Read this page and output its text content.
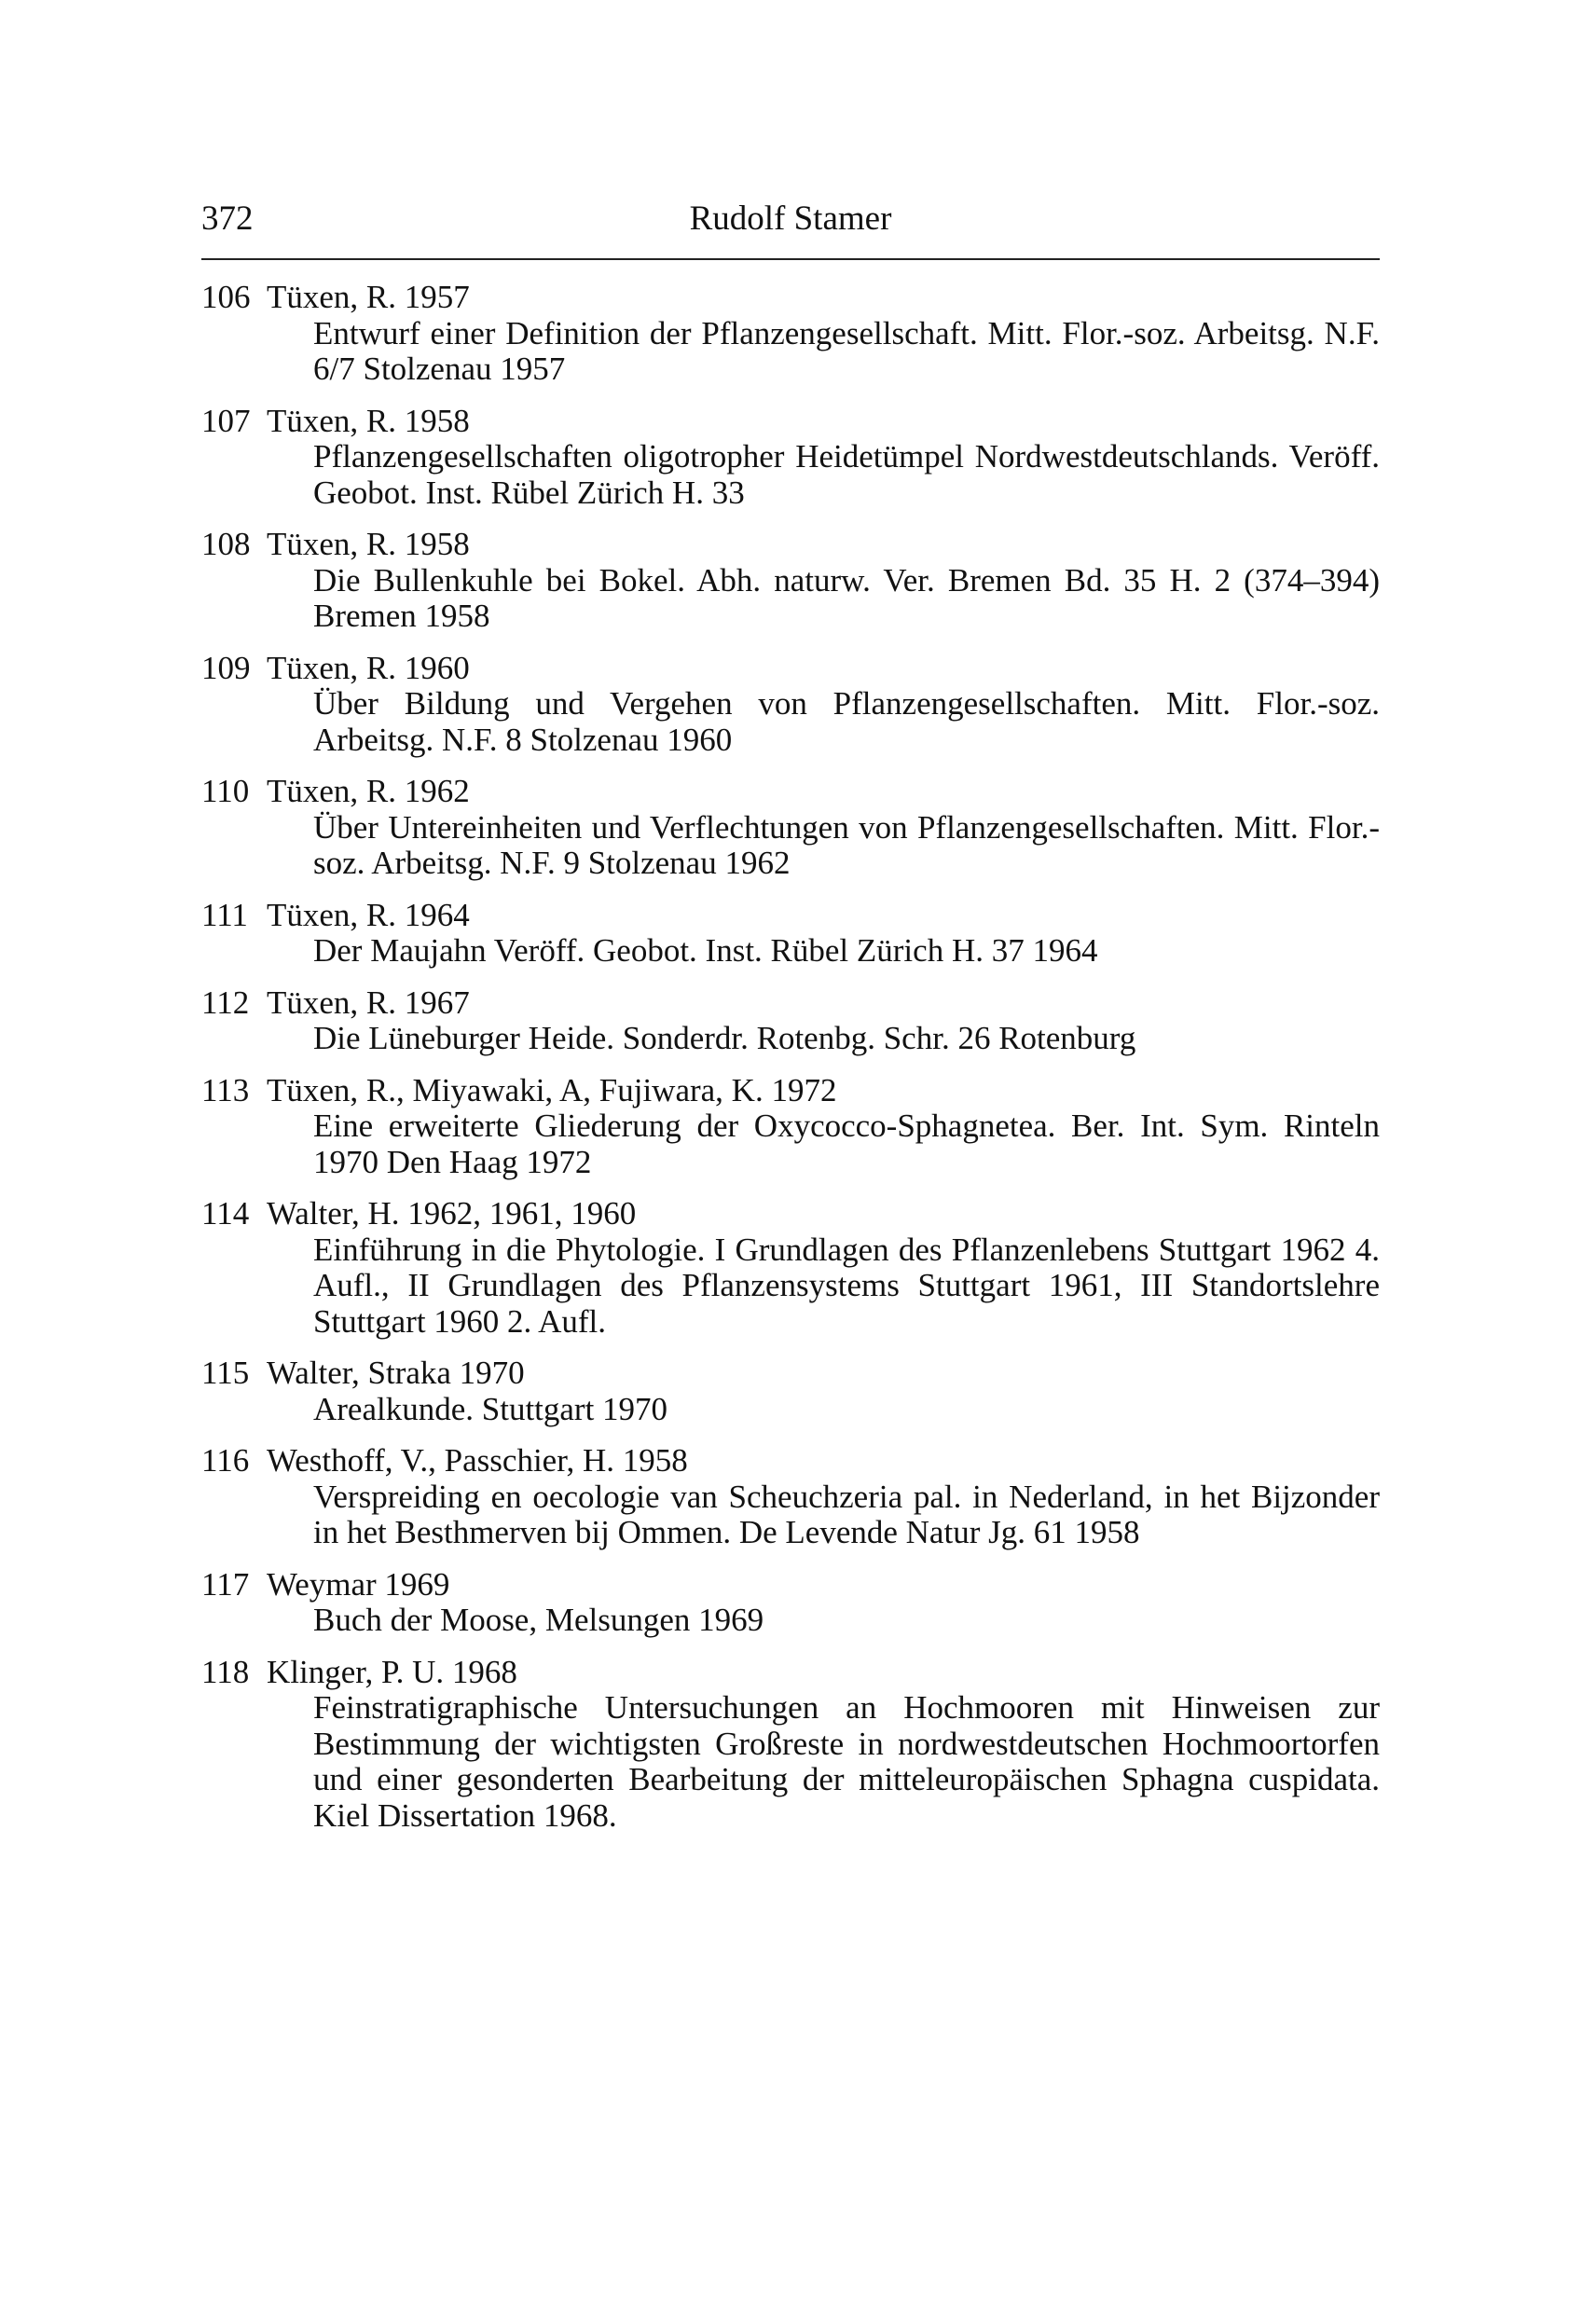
372	Rudolf Stamer
106 Tüxen, R. 1957
Entwurf einer Definition der Pflanzengesellschaft. Mitt. Flor.-soz. Arbeitsg. N.F. 6/7 Stolzenau 1957
107 Tüxen, R. 1958
Pflanzengesellschaften oligotropher Heidetümpel Nordwestdeutschlands. Veröff. Geobot. Inst. Rübel Zürich H. 33
108 Tüxen, R. 1958
Die Bullenkuhle bei Bokel. Abh. naturw. Ver. Bremen Bd. 35 H. 2 (374–394) Bremen 1958
109 Tüxen, R. 1960
Über Bildung und Vergehen von Pflanzengesellschaften. Mitt. Flor.-soz. Arbeitsg. N.F. 8 Stolzenau 1960
110 Tüxen, R. 1962
Über Untereinheiten und Verflechtungen von Pflanzengesellschaften. Mitt. Flor.-soz. Arbeitsg. N.F. 9 Stolzenau 1962
111 Tüxen, R. 1964
Der Maujahn Veröff. Geobot. Inst. Rübel Zürich H. 37 1964
112 Tüxen, R. 1967
Die Lüneburger Heide. Sonderdr. Rotenbg. Schr. 26 Rotenburg
113 Tüxen, R., Miyawaki, A, Fujiwara, K. 1972
Eine erweiterte Gliederung der Oxycocco-Sphagnetea. Ber. Int. Sym. Rinteln 1970 Den Haag 1972
114 Walter, H. 1962, 1961, 1960
Einführung in die Phytologie. I Grundlagen des Pflanzenlebens Stuttgart 1962 4. Aufl., II Grundlagen des Pflanzensystems Stuttgart 1961, III Standortslehre Stuttgart 1960 2. Aufl.
115 Walter, Straka 1970
Arealkunde. Stuttgart 1970
116 Westhoff, V., Passchier, H. 1958
Verspreiding en oecologie van Scheuchzeria pal. in Nederland, in het Bijzonder in het Besthmerven bij Ommen. De Levende Natur Jg. 61 1958
117 Weymar 1969
Buch der Moose, Melsungen 1969
118 Klinger, P. U. 1968
Feinstratigraphische Untersuchungen an Hochmooren mit Hinweisen zur Bestimmung der wichtigsten Großreste in nordwestdeutschen Hochmoortorfen und einer gesonderten Bearbeitung der mitteleuropäischen Sphagna cuspidata. Kiel Dissertation 1968.
